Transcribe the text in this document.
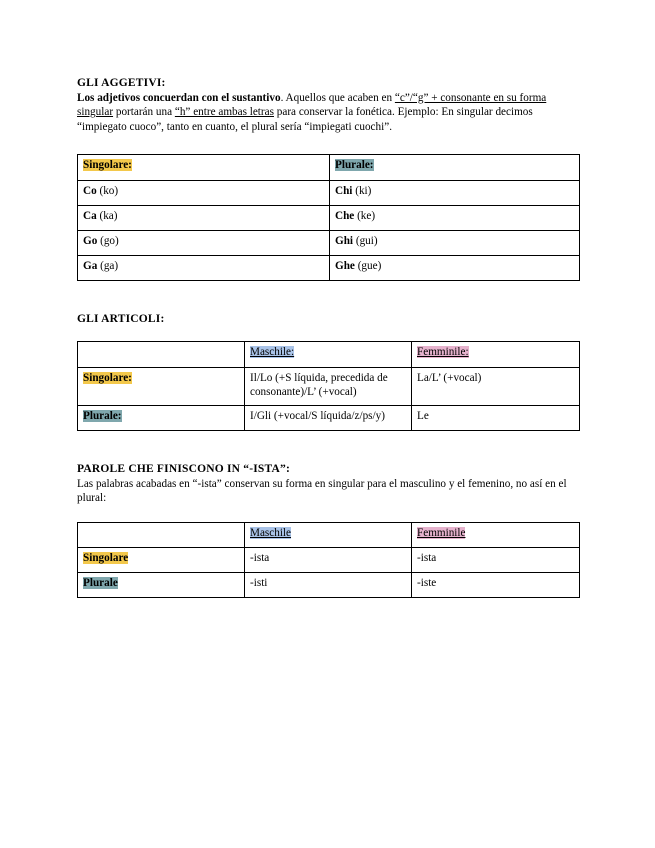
GLI AGGETIVI:

Los adjetivos concuerdan con el sustantivo. Aquellos que acaben en “c”/“g” + consonante en su forma singular portarán una “h” entre ambas letras para conservar la fonética. Ejemplo: En singular decimos “impiegato cuoco”, tanto en cuanto, el plural sería “impiegati cuochi”.

Singolare:	Plurale:
Co (ko)	Chi (ki)
Ca (ka)	Che (ke)
Go (go)	Ghi (gui)
Ga (ga)	Ghe (gue)
GLI ARTICOLI:
	Maschile:	Femminile:
Singolare:	Il/Lo (+S líquida, precedida de consonante)/L’ (+vocal)	La/L’ (+vocal)
Plurale:	I/Gli (+vocal/S líquida/z/ps/y)	Le
PAROLE CHE FINISCONO IN “-ISTA”:

Las palabras acabadas en “-ista” conservan su forma en singular para el masculino y el femenino, no así en el plural:

	Maschile	Femminile
Singolare	-ista	-ista
Plurale	-isti	-iste
